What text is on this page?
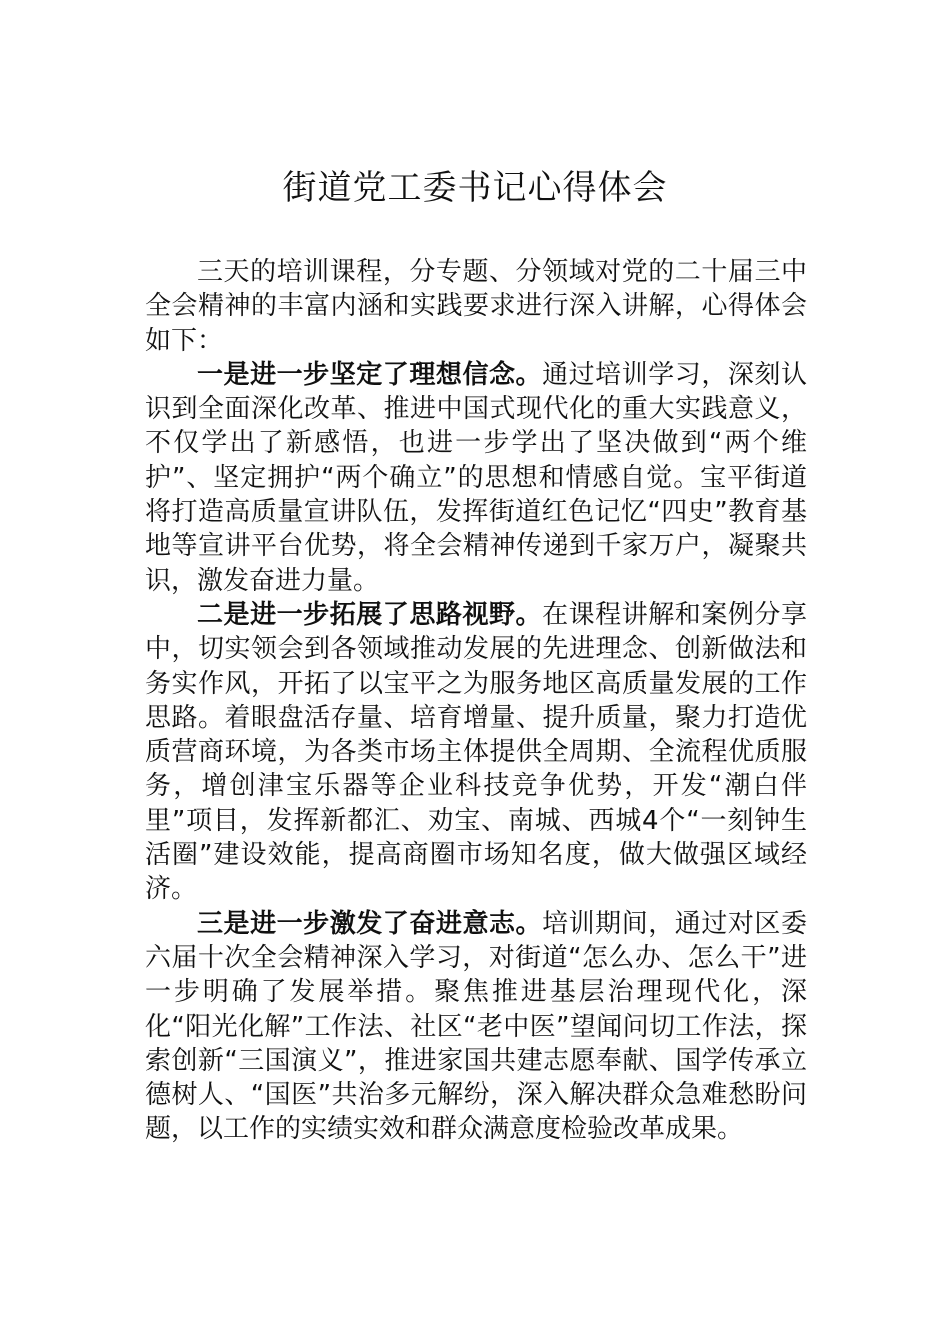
街道党工委书记心得体会

三天的培训课程，分专题、分领域对党的二十届三中全会精神的丰富内涵和实践要求进行深入讲解，心得体会如下：

一是进一步坚定了理想信念。通过培训学习，深刻认识到全面深化改革、推进中国式现代化的重大实践意义，不仅学出了新感悟，也进一步学出了坚决做到“两个维护”、坚定拥护“两个确立”的思想和情感自觉。宝平街道将打造高质量宣讲队伍，发挥街道红色记忆“四史”教育基地等宣讲平台优势，将全会精神传递到千家万户，凝聚共识，激发奋进力量。

二是进一步拓展了思路视野。在课程讲解和案例分享中，切实领会到各领域推动发展的先进理念、创新做法和务实作风，开拓了以宝平之为服务地区高质量发展的工作思路。着眼盘活存量、培育增量、提升质量，聚力打造优质营商环境，为各类市场主体提供全周期、全流程优质服务，增创津宝乐器等企业科技竞争优势，开发“潮白伴里”项目，发挥新都汇、劝宝、南城、西城4个“一刻钟生活圈”建设效能，提高商圈市场知名度，做大做强区域经济。

三是进一步激发了奋进意志。培训期间，通过对区委六届十次全会精神深入学习，对街道“怎么办、怎么干”进一步明确了发展举措。聚焦推进基层治理现代化，深化“阳光化解”工作法、社区“老中医”望闻问切工作法，探索创新“三国演义”，推进家国共建志愿奉献、国学传承立德树人、“国医”共治多元解纷，深入解决群众急难愁盼问题，以工作的实绩实效和群众满意度检验改革成果。
